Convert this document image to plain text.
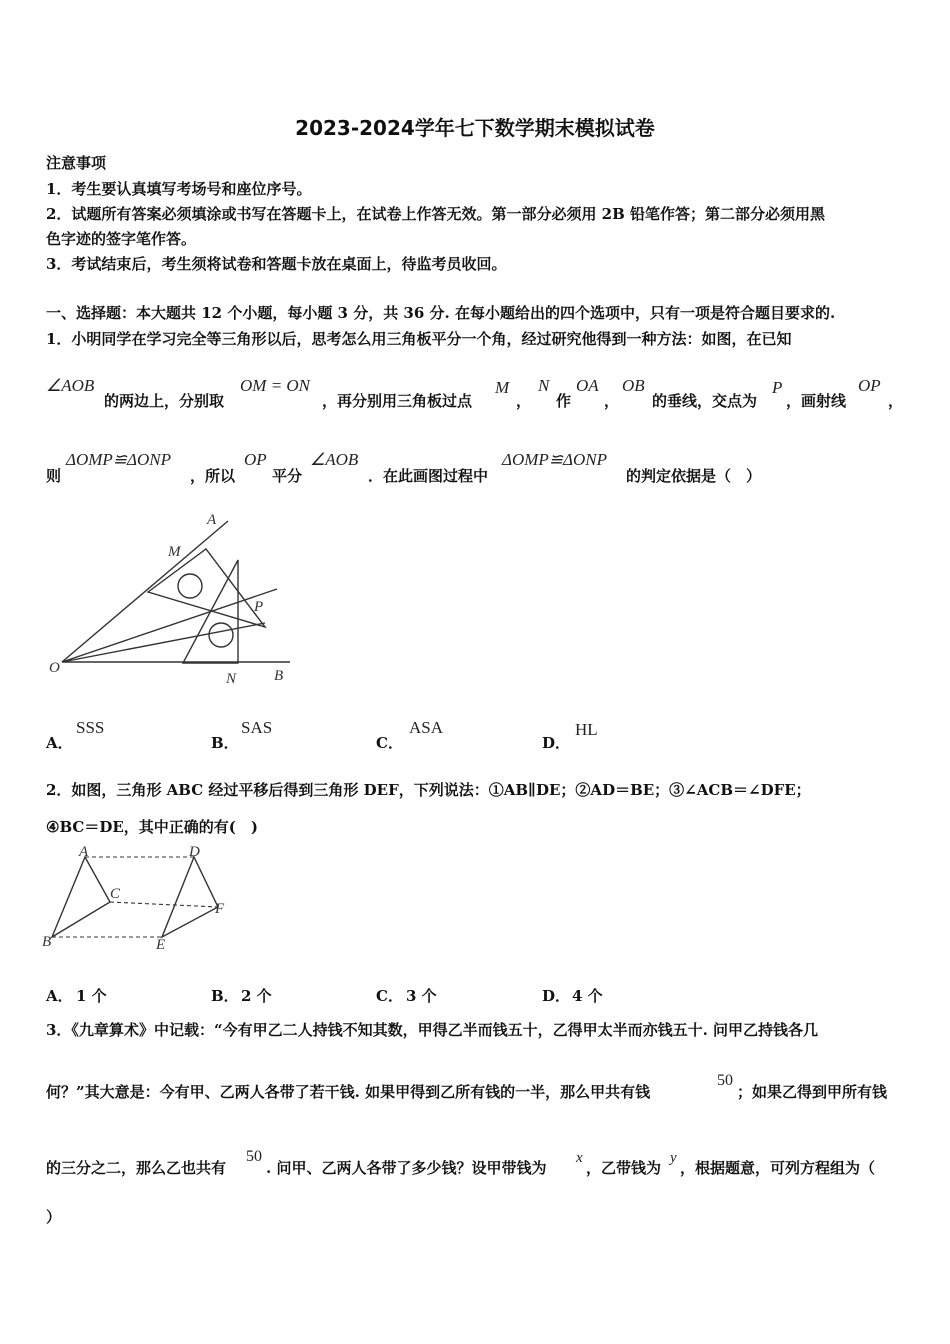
2023-2024学年七下数学期末模拟试卷
注意事项
1．考生要认真填写考场号和座位序号。
2．试题所有答案必须填涂或书写在答题卡上，在试卷上作答无效。第一部分必须用 2B 铅笔作答；第二部分必须用黑
色字迹的签字笔作答。
3．考试结束后，考生须将试卷和答题卡放在桌面上，待监考员收回。
一、选择题：本大题共 12 个小题，每小题 3 分，共 36 分. 在每小题给出的四个选项中，只有一项是符合题目要求的.
1．小明同学在学习完全等三角形以后，思考怎么用三角板平分一个角，经过研究他得到一种方法：如图，在已知
∠AOB
的两边上，分别取
OM = ON
，再分别用三角板过点
M
，
N
作
OA
，
OB
的垂线，交点为
P
，画射线
OP
，
则
ΔOMP≌ΔONP
，所以
OP
平分
∠AOB
．在此画图过程中
ΔOMP≌ΔONP
的判定依据是（　）
A
M
P
O
N	B
A．
SSS
B．
SAS
C．
ASA
D．
HL
2．如图，三角形 ABC 经过平移后得到三角形 DEF，下列说法：①AB∥DE；②AD＝BE；③∠ACB＝∠DFE；
④BC＝DE，其中正确的有(　)
A
B
C
D
E
F
A． 1 个	B． 2 个	C． 3 个	D． 4 个
3．《九章算术》中记载：“今有甲乙二人持钱不知其数，甲得乙半而钱五十，乙得甲太半而亦钱五十. 问甲乙持钱各几
何？”其大意是：今有甲、乙两人各带了若干钱. 如果甲得到乙所有钱的一半，那么甲共有钱
50
；如果乙得到甲所有钱
的三分之二，那么乙也共有
50
. 问甲、乙两人各带了多少钱？设甲带钱为
x
，乙带钱为
y
，根据题意，可列方程组为（
）
